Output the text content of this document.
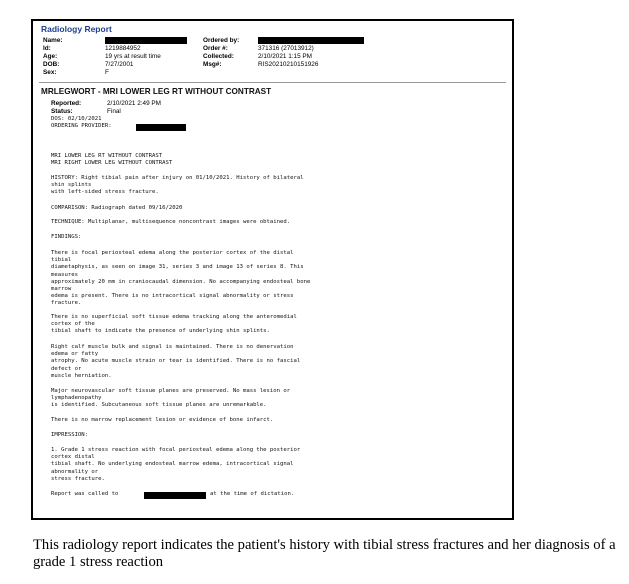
Radiology Report
Name:
Id:	1219884952
Age:	19 yrs at result time
DOB:	7/27/2001
Sex:	F
Ordered by:
Order #:	371316 (27013912)
Collected:	2/10/2021 1:15 PM
Msg#:	RIS20210210151926
MRLEGWORT - MRI LOWER LEG RT WITHOUT CONTRAST
Reported:	2/10/2021 2:49 PM
Status:	Final
DOS: 02/10/2021
ORDERING PROVIDER:
MRI LOWER LEG RT WITHOUT CONTRAST
MRI RIGHT LOWER LEG WITHOUT CONTRAST
HISTORY: Right tibial pain after injury on 01/10/2021. History of bilateral
shin splints
with left-sided stress fracture.
COMPARISON: Radiograph dated 09/16/2020
TECHNIQUE: Multiplanar, multisequence noncontrast images were obtained.
FINDINGS:
There is focal periosteal edema along the posterior cortex of the distal
tibial
diametaphysis, as seen on image 31, series 3 and image 13 of series 8. This
measures
approximately 20 mm in craniocaudal dimension. No accompanying endosteal bone
marrow
edema is present. There is no intracortical signal abnormality or stress
fracture.
There is no superficial soft tissue edema tracking along the anteromedial
cortex of the
tibial shaft to indicate the presence of underlying shin splints.
Right calf muscle bulk and signal is maintained. There is no denervation
edema or fatty
atrophy. No acute muscle strain or tear is identified. There is no fascial
defect or
muscle herniation.
Major neurovascular soft tissue planes are preserved. No mass lesion or
lymphadenopathy
is identified. Subcutaneous soft tissue planes are unremarkable.
There is no marrow replacement lesion or evidence of bone infarct.
IMPRESSION:
1. Grade 1 stress reaction with focal periosteal edema along the posterior
cortex distal
tibial shaft. No underlying endosteal marrow edema, intracortical signal
abnormality or
stress fracture.
Report was called to	at the time of dictation.
This radiology report indicates the patient's history with tibial stress fractures and her diagnosis of a grade 1 stress reaction
